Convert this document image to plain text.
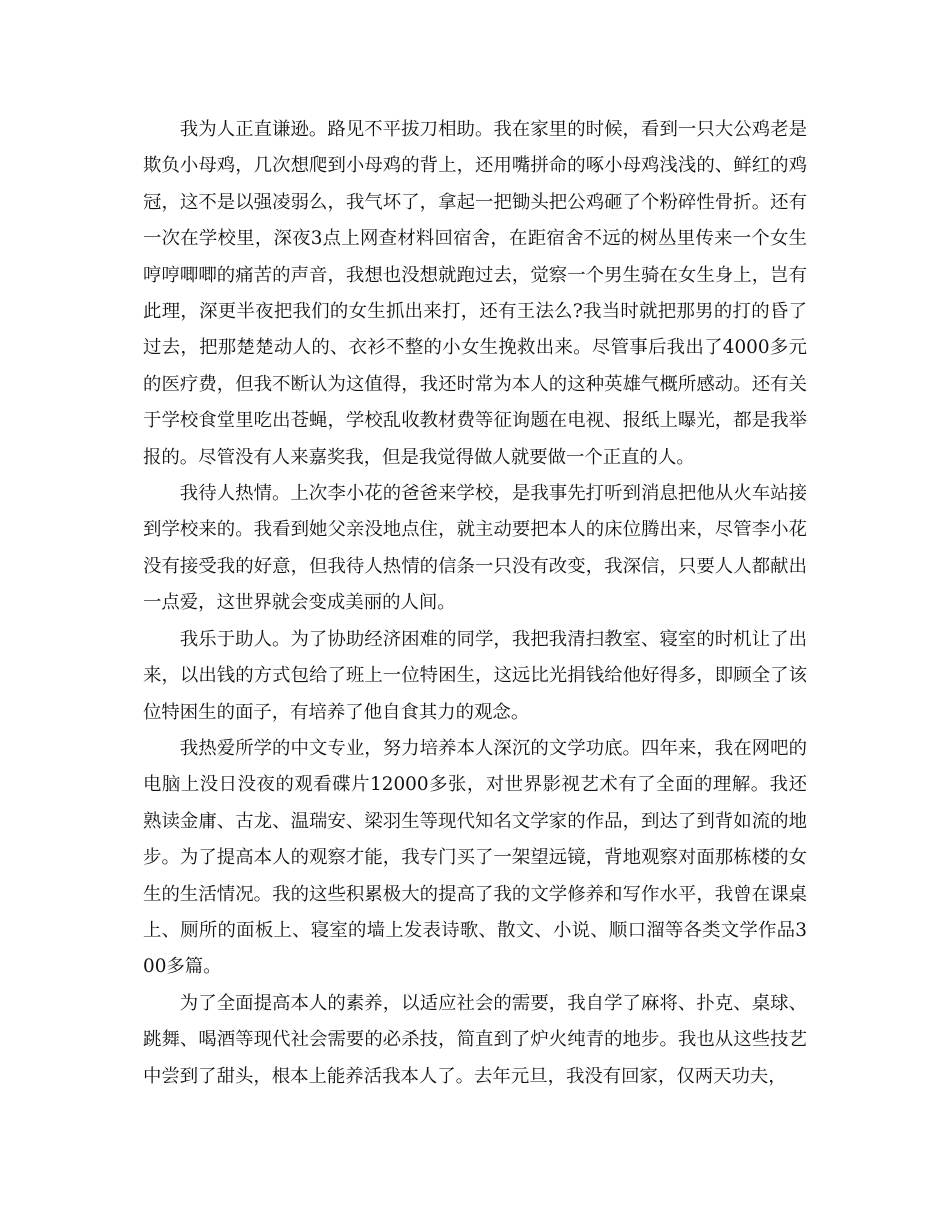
我为人正直谦逊。路见不平拔刀相助。我在家里的时候，看到一只大公鸡老是欺负小母鸡，几次想爬到小母鸡的背上，还用嘴拼命的啄小母鸡浅浅的、鲜红的鸡冠，这不是以强凌弱么，我气坏了，拿起一把锄头把公鸡砸了个粉碎性骨折。还有一次在学校里，深夜3点上网查材料回宿舍，在距宿舍不远的树丛里传来一个女生哼哼唧唧的痛苦的声音，我想也没想就跑过去，觉察一个男生骑在女生身上，岂有此理，深更半夜把我们的女生抓出来打，还有王法么?我当时就把那男的打的昏了过去，把那楚楚动人的、衣衫不整的小女生挽救出来。尽管事后我出了4000多元的医疗费，但我不断认为这值得，我还时常为本人的这种英雄气概所感动。还有关于学校食堂里吃出苍蝇，学校乱收教材费等征询题在电视、报纸上曝光，都是我举报的。尽管没有人来嘉奖我，但是我觉得做人就要做一个正直的人。

我待人热情。上次李小花的爸爸来学校，是我事先打听到消息把他从火车站接到学校来的。我看到她父亲没地点住，就主动要把本人的床位腾出来，尽管李小花没有接受我的好意，但我待人热情的信条一只没有改变，我深信，只要人人都献出一点爱，这世界就会变成美丽的人间。

我乐于助人。为了协助经济困难的同学，我把我清扫教室、寝室的时机让了出来，以出钱的方式包给了班上一位特困生，这远比光捐钱给他好得多，即顾全了该位特困生的面子，有培养了他自食其力的观念。

我热爱所学的中文专业，努力培养本人深沉的文学功底。四年来，我在网吧的电脑上没日没夜的观看碟片12000多张，对世界影视艺术有了全面的理解。我还熟读金庸、古龙、温瑞安、梁羽生等现代知名文学家的作品，到达了到背如流的地步。为了提高本人的观察才能，我专门买了一架望远镜，背地观察对面那栋楼的女生的生活情况。我的这些积累极大的提高了我的文学修养和写作水平，我曾在课桌上、厕所的面板上、寝室的墙上发表诗歌、散文、小说、顺口溜等各类文学作品300多篇。

为了全面提高本人的素养，以适应社会的需要，我自学了麻将、扑克、桌球、跳舞、喝酒等现代社会需要的必杀技，简直到了炉火纯青的地步。我也从这些技艺中尝到了甜头，根本上能养活我本人了。去年元旦，我没有回家，仅两天功夫，
